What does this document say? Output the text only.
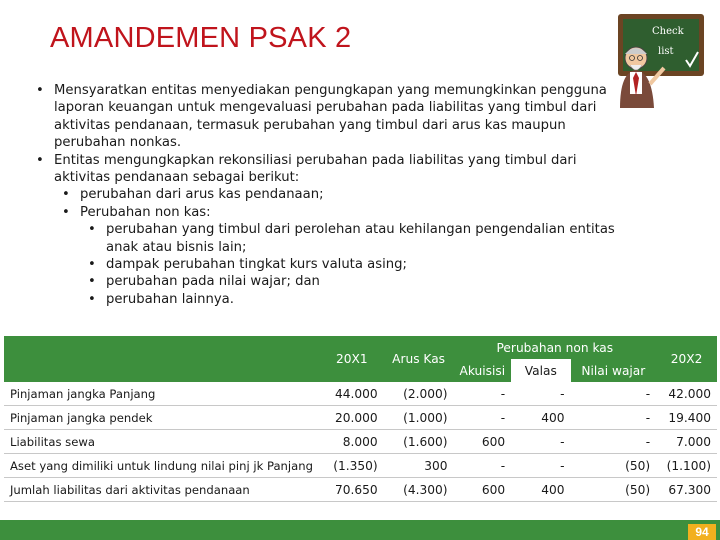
AMANDEMEN PSAK 2	Check
list
• Mensyaratkan entitas menyediakan pengungkapan yang memungkinkan pengguna laporan keuangan untuk mengevaluasi perubahan pada liabilitas yang timbul dari aktivitas pendanaan, termasuk perubahan yang timbul dari arus kas maupun perubahan nonkas.
• Entitas mengungkapkan rekonsiliasi perubahan pada liabilitas yang timbul dari aktivitas pendanaan sebagai berikut:
• perubahan dari arus kas pendanaan;
• Perubahan non kas:
• perubahan yang timbul dari perolehan atau kehilangan pengendalian entitas anak atau bisnis lain;
• dampak perubahan tingkat kurs valuta asing;
• perubahan pada nilai wajar; dan
• perubahan lainnya.
	20X1	Arus Kas	Perubahan non kas			20X2
			Akuisisi	Valas	Nilai wajar	
Pinjaman jangka Panjang	44.000	(2.000)	-	-	-	42.000
Pinjaman jangka pendek	20.000	(1.000)	-	400	-	19.400
Liabilitas sewa	8.000	(1.600)	600	-	-	7.000
Aset yang dimiliki untuk lindung nilai pinj jk Panjang	(1.350)	300	-	-	(50)	(1.100)
Jumlah liabilitas dari aktivitas pendanaan	70.650	(4.300)	600	400	(50)	67.300
94
